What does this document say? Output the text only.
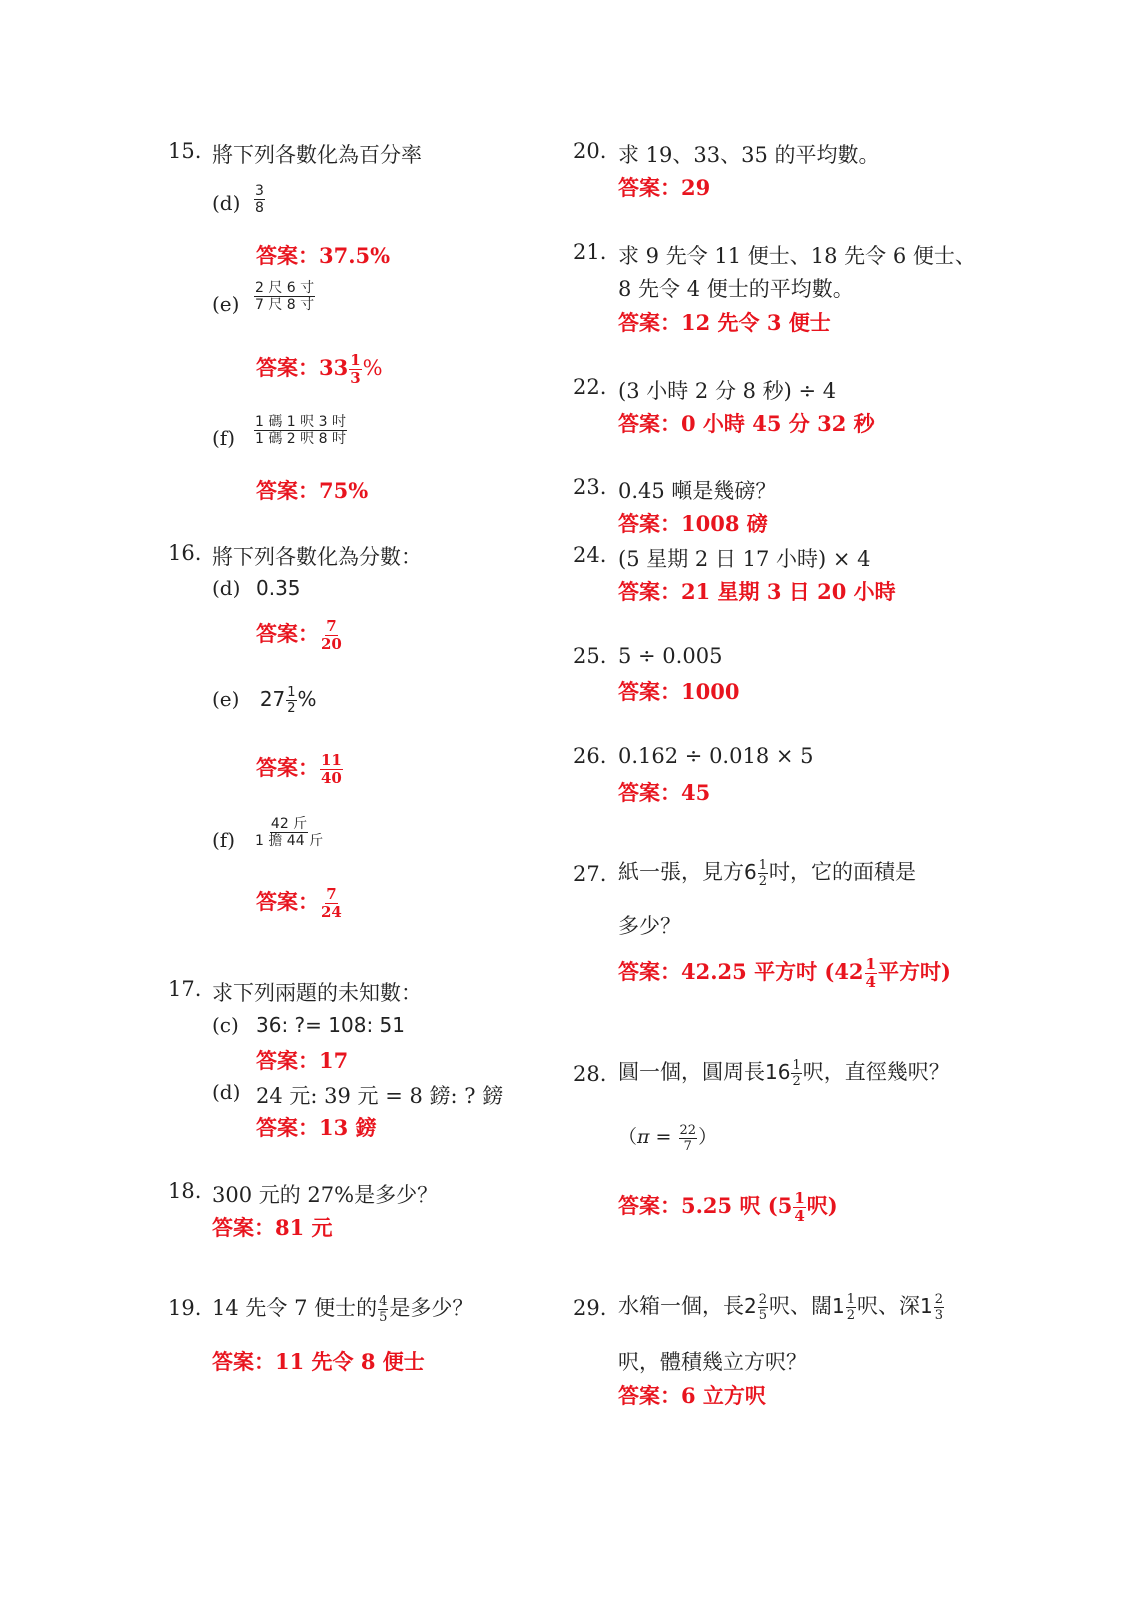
15. 將下列各數化為百分率
$(d) \frac{3}{8}$
答案：37.5%
$(e) \frac{\text{2 尺 6 寸}}{\text{7 尺 8 寸}}$
答案：$33 \frac{1}{3}$ %
$(f) \frac{\text{1 碼 1 呎 3 吋}}{\text{1 碼 2 呎 8 吋}}$
答案：75%
16. 將下列各數化為分數：
(d) 0.35
答案： $\frac{7}{20}$
(e) $27 \frac{1}{2}$ %
答案： $\frac{11}{40}$
$(f) \frac{\text{42 斤}}{\text{1 擔 44 斤}}$
答案： $\frac{7}{24}$
17. 求下列兩題的未知數：
(c) 36: ?= 108: 51
答案：17
(d) 24 元: 39 元 = 8 鎊: ? 鎊
答案：13 鎊
18. 300 元的 27%是多少？
答案：81 元
19. 14 先令 7 便士的 $\frac{4}{5}$ 是多少？
答案：11 先令 8 便士
20. 求 19、33、35 的平均數。
答案：29
21. 求 9 先令 11 便士、18 先令 6 便士、
8 先令 4 便士的平均數。
答案：12 先令 3 便士
22. (3 小時 2 分 8 秒) ÷ 4
答案：0 小時 45 分 32 秒
23. 0.45 噸是幾磅？
答案：1008 磅
24. (5 星期 2 日 17 小時) × 4
答案：21 星期 3 日 20 小時
25. 5 ÷ 0.005
答案：1000
26. 0.162 ÷ 0.018 × 5
答案：45
27. 紙一張，見方$6 \frac{1}{2}$ 吋，它的面積是
多少？
答案：42.25 平方吋 ($42 \frac{1}{4}$ 平方吋)
28. 圓一個，圓周長$16 \frac{1}{2}$ 呎，直徑幾呎？
（$\pi = \frac{22}{7}$ ）
答案：5.25 呎 ($5 \frac{1}{4}$ 呎)
29. 水箱一個，長$2 \frac{2}{5}$ 呎、闊$1 \frac{1}{2}$ 呎、深$1 \frac{2}{3}$
呎，體積幾立方呎？
答案：6 立方呎
